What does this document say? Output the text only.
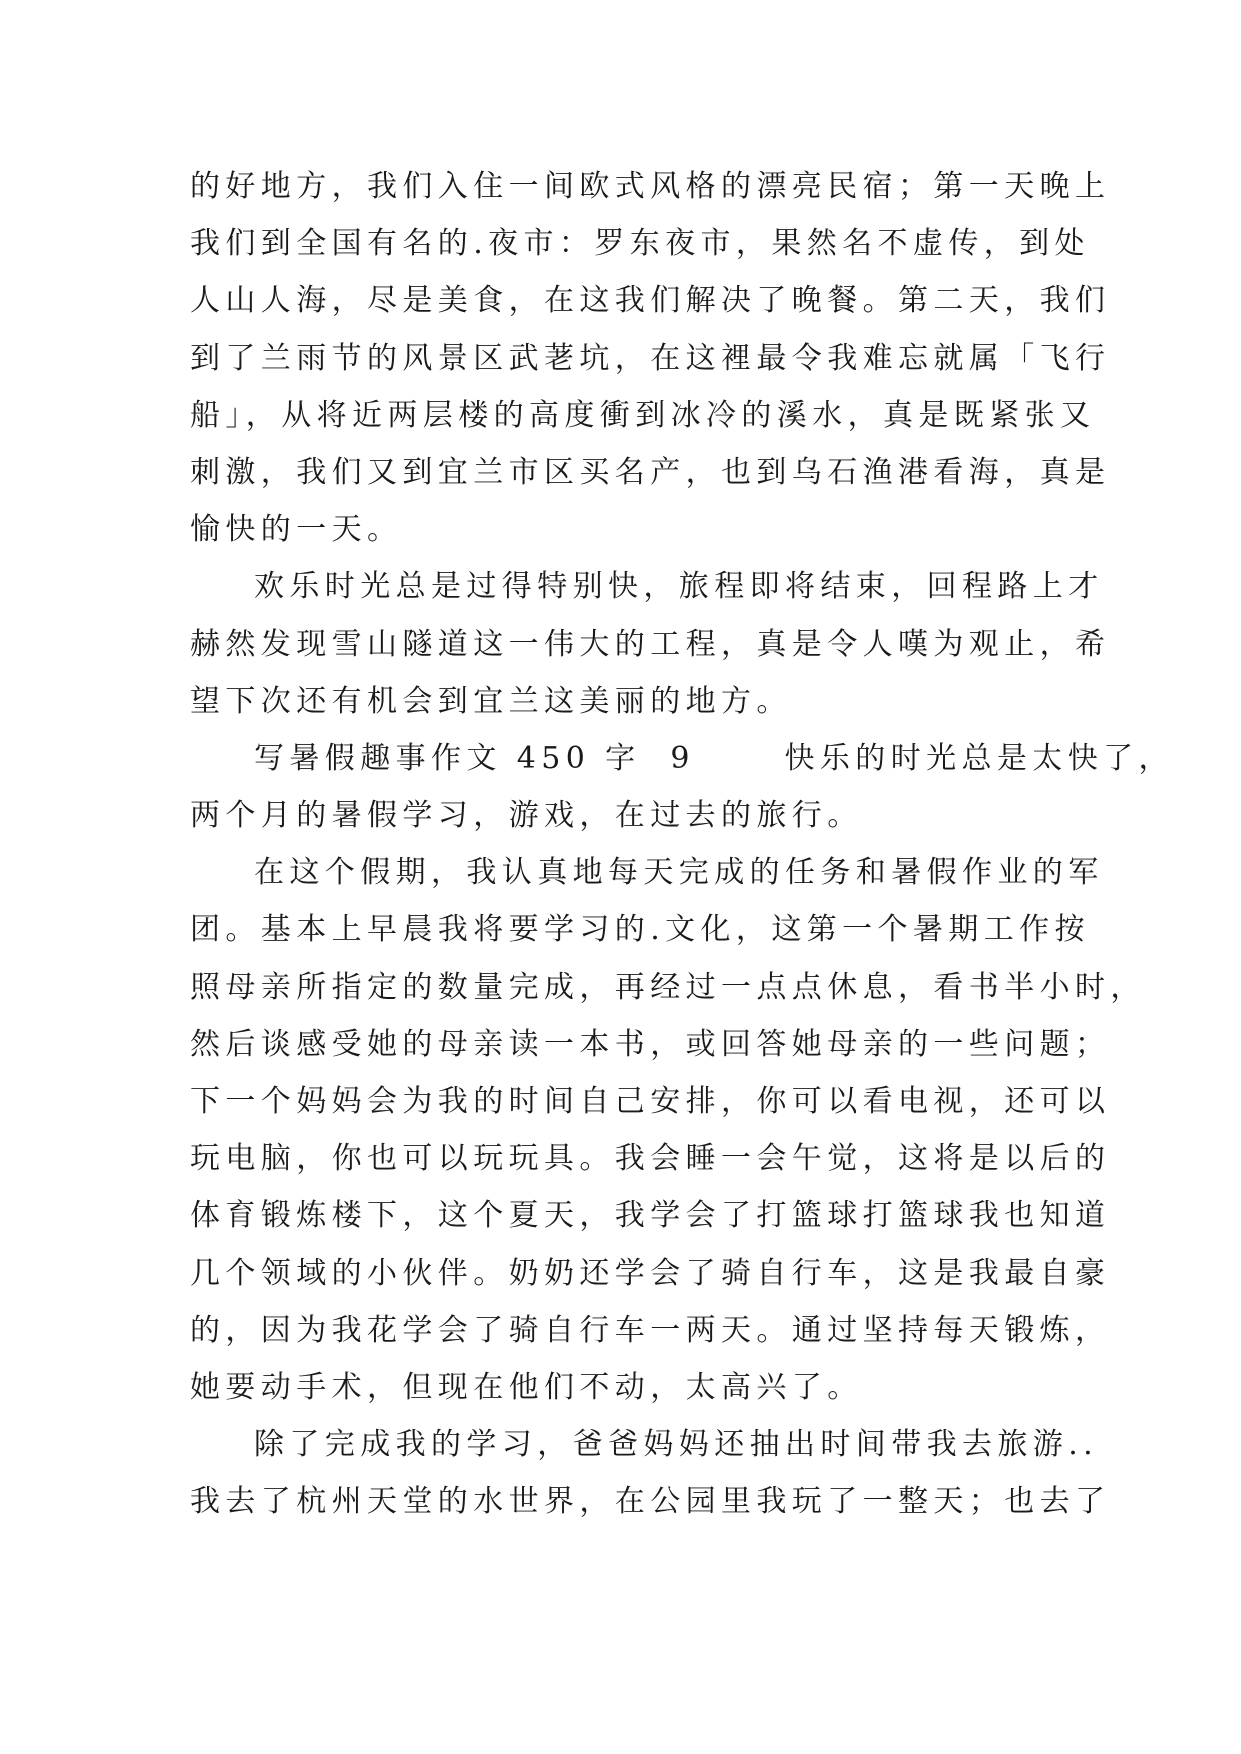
的好地方，我们入住一间欧式风格的漂亮民宿；第一天晚上
我们到全国有名的.夜市：罗东夜市，果然名不虚传，到处
人山人海，尽是美食，在这我们解决了晚餐。第二天，我们
到了兰雨节的风景区武荖坑，在这裡最令我难忘就属「飞行
船」，从将近两层楼的高度衝到冰冷的溪水，真是既紧张又
刺激，我们又到宜兰市区买名产，也到乌石渔港看海，真是
愉快的一天。
欢乐时光总是过得特别快，旅程即将结束，回程路上才
赫然发现雪山隧道这一伟大的工程，真是令人嘆为观止，希
望下次还有机会到宜兰这美丽的地方。
写暑假趣事作文 450 字  9      快乐的时光总是太快了，
两个月的暑假学习，游戏，在过去的旅行。
在这个假期，我认真地每天完成的任务和暑假作业的军
团。基本上早晨我将要学习的.文化，这第一个暑期工作按
照母亲所指定的数量完成，再经过一点点休息，看书半小时，
然后谈感受她的母亲读一本书，或回答她母亲的一些问题；
下一个妈妈会为我的时间自己安排，你可以看电视，还可以
玩电脑，你也可以玩玩具。我会睡一会午觉，这将是以后的
体育锻炼楼下，这个夏天，我学会了打篮球打篮球我也知道
几个领域的小伙伴。奶奶还学会了骑自行车，这是我最自豪
的，因为我花学会了骑自行车一两天。通过坚持每天锻炼，
她要动手术，但现在他们不动，太高兴了。
除了完成我的学习，爸爸妈妈还抽出时间带我去旅游..
我去了杭州天堂的水世界，在公园里我玩了一整天；也去了
